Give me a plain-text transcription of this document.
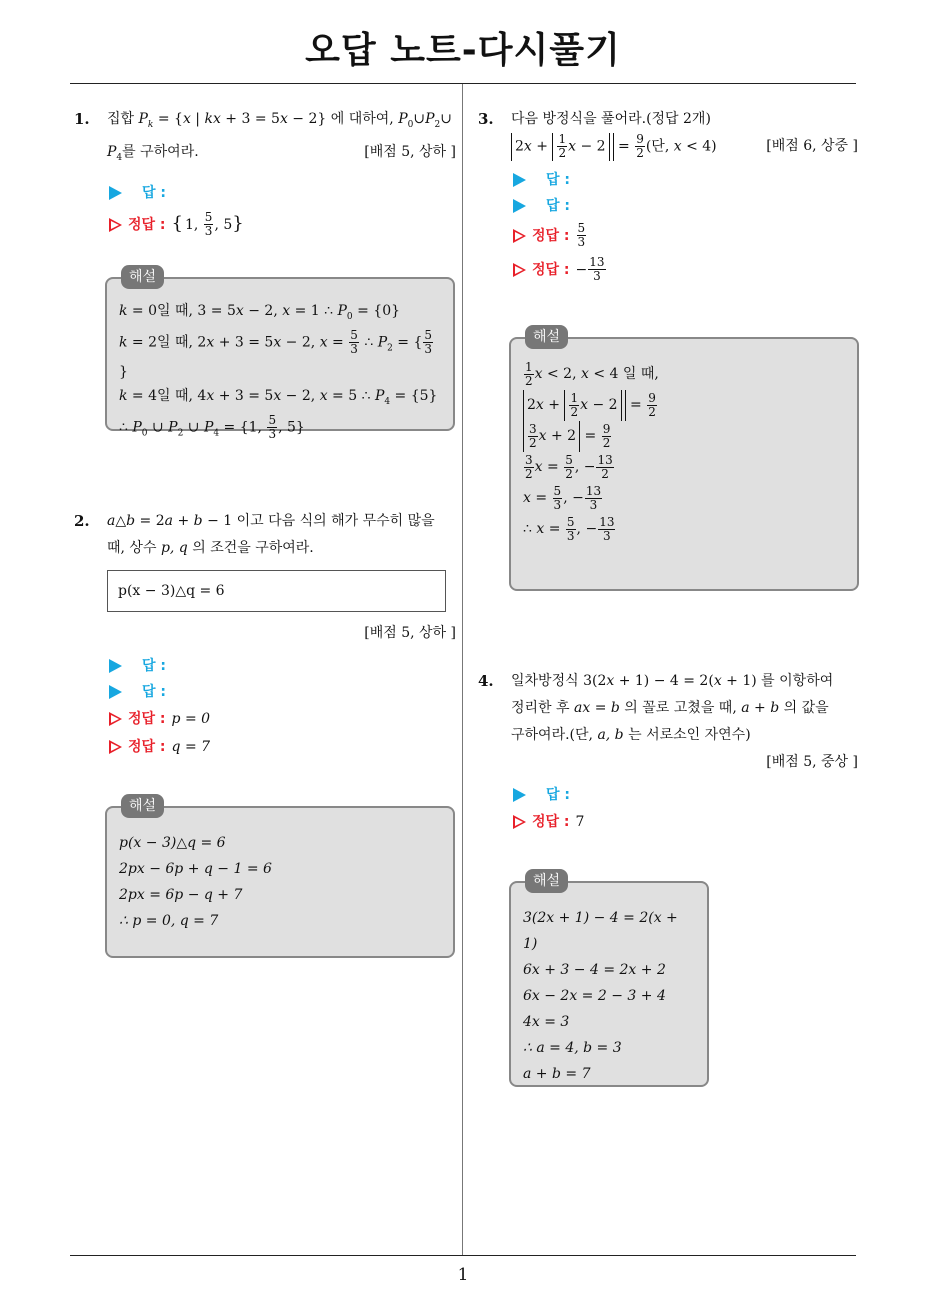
오답 노트-다시풀기
1
1. 집합 $P_k = \{x$ | kx + 3 = 5x − 2} 에 대하여, $P_0\cup P_2\cup$
$P_4$를 구하여라.	[배점 5, 상하 ]
답 :
정답 : { 1, $\frac{5}{3}$ , 5}
해설
k = 0일 때, 3 = 5x − 2, x = 1 ∴ $P_0 = \{0\}$
k = 2일 때, 2x + 3 = 5x − 2, $x = \frac{5}{3}$ ∴ $P_2$ = { $\frac{5}{3}$
}
k = 4일 때, 4x + 3 = 5x − 2, x = 5 ∴ $P_4 = \{5\}$
∴ $P_0$ ∪ $P_2$ ∪ $P_4 = \{1$, $\frac{5}{3}$ , 5}
2. a△b = 2a + b − 1 이고 다음 식의 해가 무수히 많을
때, 상수 p, q 의 조건을 구하여라.
p(x − 3)△q = 6
[배점 5, 상하 ]
답 :
답 :
정답 : p = 0
정답 : q = 7
해설
p(x − 3)△q = 6
2px − 6p + q − 1 = 6
2px = 6p − q + 7
∴ p = 0, q = 7
3. 다음 방정식을 풀어라.(정답 2개)
$2x + \frac{1}{2}$ $x - 2 = \frac{9}{2}$ (단, x < 4)	[배점 6, 상중 ]
답 :
답 :
정답 : $\frac{5}{3}$
정답 : − $\frac{13}{3}$
해설
$\frac{1}{2}$ x < 2, x < 4 일 때,
$2x + \frac{1}{2}$ $x - 2 = \frac{9}{2}$
$\frac{3}{2}$ $x + 2 = \frac{9}{2}$
$\frac{3}{2}$ $x = \frac{5}{2}$ , − $\frac{13}{2}$
$x = \frac{5}{3}$ , − $\frac{13}{3}$
∴ $x = \frac{5}{3}$ , − $\frac{13}{3}$
4. 일차방정식 3(2x + 1) − 4 = 2(x + 1) 를 이항하여
정리한 후 ax = b 의 꼴로 고쳤을 때, a + b 의 값을
구하여라.(단, a, b 는 서로소인 자연수)
[배점 5, 중상 ]
답 :
정답 : 7
해설
3(2x + 1) − 4 = 2(x + 1)
6x + 3 − 4 = 2x + 2
6x − 2x = 2 − 3 + 4
4x = 3
∴ a = 4, b = 3
a + b = 7
